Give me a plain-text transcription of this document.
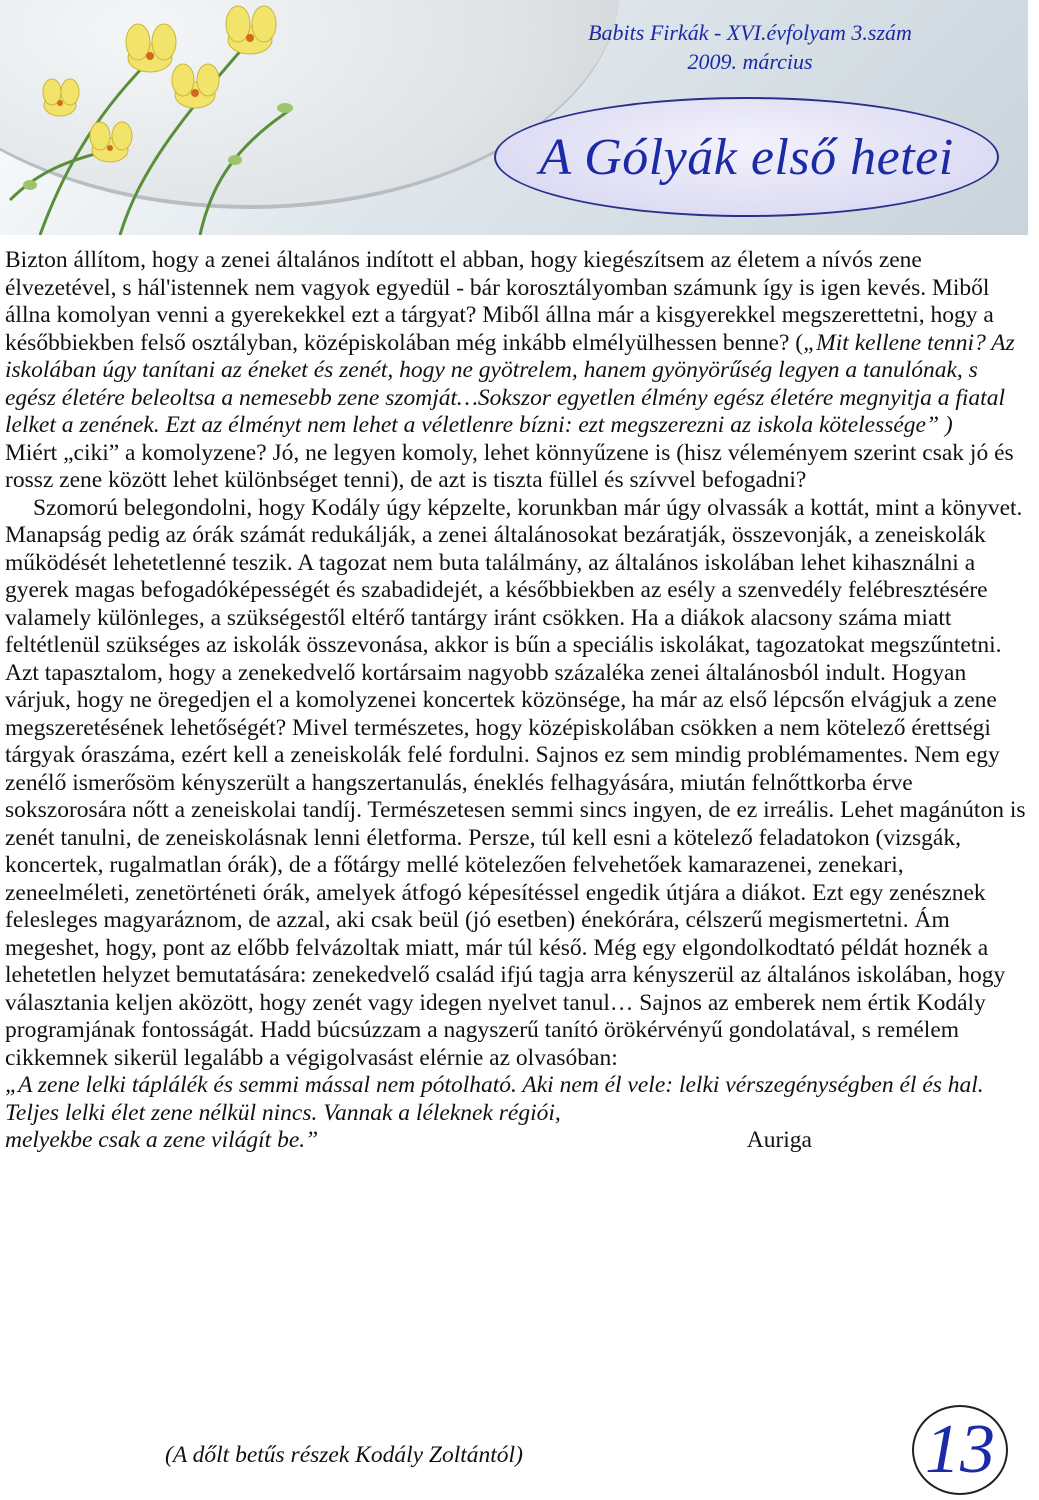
Babits Firkák - XVI.évfolyam 3.szám
2009. március
A Gólyák első hetei

Bizton állítom, hogy a zenei általános indított el abban, hogy kiegészítsem az életem a nívós zene élvezetével, s hál'istennek nem vagyok egyedül - bár korosztályomban számunk így is igen kevés. Miből állna komolyan venni a gyerekekkel ezt a tárgyat? Miből állna már a kisgyerekkel megszerettetni, hogy a későbbiekben felső osztályban, középiskolában még inkább elmélyülhessen benne? („Mit kellene tenni? Az iskolában úgy tanítani az éneket és zenét, hogy ne gyötrelem, hanem gyönyörűség legyen a tanulónak, s egész életére beleoltsa a nemesebb zene szomját…Sokszor egyetlen élmény egész életére megnyitja a fiatal lelket a zenének. Ezt az élményt nem lehet a véletlenre bízni: ezt megszerezni az iskola kötelessége” )

Miért „ciki” a komolyzene? Jó, ne legyen komoly, lehet könnyűzene is (hisz véleményem szerint csak jó és rossz zene között lehet különbséget tenni), de azt is tiszta füllel és szívvel befogadni?

Szomorú belegondolni, hogy Kodály úgy képzelte, korunkban már úgy olvassák a kottát, mint a könyvet. Manapság pedig az órák számát redukálják, a zenei általánosokat bezáratják, összevonják, a zeneiskolák működését lehetetlenné teszik. A tagozat nem buta találmány, az általános iskolában lehet kihasználni a gyerek magas befogadóképességét és szabadidejét, a későbbiekben az esély a szenvedély felébresztésére valamely különleges, a szükségestől eltérő tantárgy iránt csökken. Ha a diákok alacsony száma miatt feltétlenül szükséges az iskolák összevonása, akkor is bűn a speciális iskolákat, tagozatokat megszűntetni. Azt tapasztalom, hogy a zenekedvelő kortársaim nagyobb százaléka zenei általánosból indult. Hogyan várjuk, hogy ne öregedjen el a komolyzenei koncertek közönsége, ha már az első lépcsőn elvágjuk a zene megszeretésének lehetőségét? Mivel természetes, hogy középiskolában csökken a nem kötelező érettségi tárgyak óraszáma, ezért kell a zeneiskolák felé fordulni. Sajnos ez sem mindig problémamentes. Nem egy zenélő ismerősöm kényszerült a hangszertanulás, éneklés felhagyására, miután felnőttkorba érve sokszorosára nőtt a zeneiskolai tandíj. Természetesen semmi sincs ingyen, de ez irreális. Lehet magánúton is zenét tanulni, de zeneiskolásnak lenni életforma. Persze, túl kell esni a kötelező feladatokon (vizsgák, koncertek, rugalmatlan órák), de a főtárgy mellé kötelezően felvehetőek kamarazenei, zenekari, zeneelméleti, zenetörténeti órák, amelyek átfogó képesítéssel engedik útjára a diákot. Ezt egy zenésznek felesleges magyaráznom, de azzal, aki csak beül (jó esetben) énekórára, célszerű megismertetni. Ám megeshet, hogy, pont az előbb felvázoltak miatt, már túl késő. Még egy elgondolkodtató példát hoznék a lehetetlen helyzet bemutatására: zenekedvelő család ifjú tagja arra kényszerül az általános iskolában, hogy választania keljen aközött, hogy zenét vagy idegen nyelvet tanul… Sajnos az emberek nem értik Kodály programjának fontosságát. Hadd búcsúzzam a nagyszerű tanító örökérvényű gondolatával, s remélem cikkemnek sikerül legalább a végigolvasást elérnie az olvasóban:

„A zene lelki táplálék és semmi mással nem pótolható. Aki nem él vele: lelki vérszegénységben él és hal. Teljes lelki élet zene nélkül nincs. Vannak a léleknek régiói,

melyekbe csak a zene világít be.”	Auriga
(A dőlt betűs részek Kodály Zoltántól)	13
